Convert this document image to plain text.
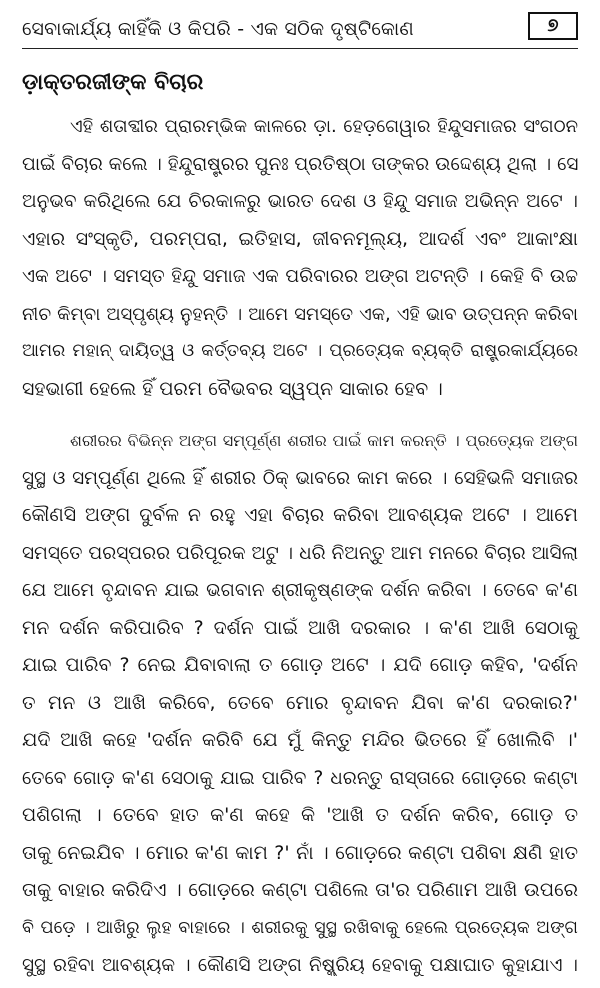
ସେବାକାର୍ଯ୍ୟ କାହିଁକି ଓ କିପରି - ଏକ ସଠିକ ଦୃଷ୍ଟିକୋଣ	୭
ଡ଼ାକ୍ତରଜୀଙ୍କ ବିଚାର
ଏହି ଶତାବ୍ଦୀର ପ୍ରାରମ୍ଭିକ କାଳରେ ଡ଼ା. ହେଡ଼ଗେୱାର ହିନ୍ଦୁସମାଜର ସଂଗଠନ
ପାଇଁ ବିଚାର କଲେ । ହିନ୍ଦୁରାଷ୍ଟ୍ରର ପୁନଃ ପ୍ରତିଷ୍ଠା ତାଙ୍କର ଉଦ୍ଦେଶ୍ୟ ଥିଲା । ସେ
ଅନୁଭବ କରିଥିଲେ ଯେ ଚିରକାଳରୁ ଭାରତ ଦେଶ ଓ ହିନ୍ଦୁ ସମାଜ ଅଭିନ୍ନ ଅଟେ ।
ଏହାର ସଂସ୍କୃତି, ପରମ୍ପରା, ଇତିହାସ, ଜୀବନମୂଲ୍ୟ, ଆଦର୍ଶ ଏବଂ ଆକାଂକ୍ଷା
ଏକ ଅଟେ । ସମସ୍ତ ହିନ୍ଦୁ ସମାଜ ଏକ ପରିବାରର ଅଙ୍ଗ ଅଟନ୍ତି । କେହି ବି ଉଚ୍ଚ
ନୀଚ କିମ୍ବା ଅସ୍ପୃଶ୍ୟ ନୁହନ୍ତି । ଆମେ ସମସ୍ତେ ଏକ, ଏହି ଭାବ ଉତ୍ପନ୍ନ କରିବା
ଆମର ମହାନ୍ ଦାୟିତ୍ୱ ଓ କର୍ତ୍ତବ୍ୟ ଅଟେ । ପ୍ରତ୍ୟେକ ବ୍ୟକ୍ତି ରାଷ୍ଟ୍ରକାର୍ଯ୍ୟରେ
ସହଭାଗୀ ହେଲେ ହିଁ ପରମ ବୈଭବର ସ୍ୱପ୍ନ ସାକାର ହେବ ।
ଶରୀରର ବିଭିନ୍ନ ଅଙ୍ଗ ସମ୍ପୂର୍ଣ୍ଣ ଶରୀର ପାଇଁ କାମ କରନ୍ତି । ପ୍ରତ୍ୟେକ ଅଙ୍ଗ
ସୁସ୍ଥ ଓ ସମ୍ପୂର୍ଣ୍ଣ ଥିଲେ ହିଁ ଶରୀର ଠିକ୍ ଭାବରେ କାମ କରେ । ସେହିଭଳି ସମାଜର
କୌଣସି ଅଙ୍ଗ ଦୁର୍ବଳ ନ ରହୁ ଏହା ବିଚାର କରିବା ଆବଶ୍ୟକ ଅଟେ । ଆମେ
ସମସ୍ତେ ପରସ୍ପରର ପରିପୂରକ ଅଟୁ । ଧରି ନିଅନ୍ତୁ ଆମ ମନରେ ବିଚାର ଆସିଲା
ଯେ ଆମେ ବୃନ୍ଦାବନ ଯାଇ ଭଗବାନ ଶ୍ରୀକୃଷ୍ଣଙ୍କ ଦର୍ଶନ କରିବା । ତେବେ କ'ଣ
ମନ ଦର୍ଶନ କରିପାରିବ ? ଦର୍ଶନ ପାଇଁ ଆଖି ଦରକାର । କ'ଣ ଆଖି ସେଠାକୁ
ଯାଇ ପାରିବ ? ନେଇ ଯିବାବାଲା ତ ଗୋଡ଼ ଅଟେ । ଯଦି ଗୋଡ଼ କହିବ, 'ଦର୍ଶନ
ତ ମନ ଓ ଆଖି କରିବେ, ତେବେ ମୋର ବୃନ୍ଦାବନ ଯିବା କ'ଣ ଦରକାର?'
ଯଦି ଆଖି କହେ 'ଦର୍ଶନ କରିବି ଯେ ମୁଁ କିନ୍ତୁ ମନ୍ଦିର ଭିତରେ ହିଁ ଖୋଲିବି ।'
ତେବେ ଗୋଡ଼ କ'ଣ ସେଠାକୁ ଯାଇ ପାରିବ ? ଧରନ୍ତୁ ରାସ୍ତାରେ ଗୋଡ଼ରେ କଣ୍ଟା
ପଶିଗଲା । ତେବେ ହାତ କ'ଣ କହେ କି 'ଆଖି ତ ଦର୍ଶନ କରିବ, ଗୋଡ଼ ତ
ତାକୁ ନେଇଯିବ । ମୋର କ'ଣ କାମ ?' ନାଁ । ଗୋଡ଼ରେ କଣ୍ଟା ପଶିବା କ୍ଷଣି ହାତ
ତାକୁ ବାହାର କରିଦିଏ । ଗୋଡ଼ରେ କଣ୍ଟା ପଶିଲେ ତା'ର ପରିଣାମ ଆଖି ଉପରେ
ବି ପଡ଼େ । ଆଖିରୁ ଲୁହ ବାହାରେ । ଶରୀରକୁ ସୁସ୍ଥ ରଖିବାକୁ ହେଲେ ପ୍ରତ୍ୟେକ ଅଙ୍ଗ
ସୁସ୍ଥ ରହିବା ଆବଶ୍ୟକ । କୌଣସି ଅଙ୍ଗ ନିଷ୍କ୍ରିୟ ହେବାକୁ ପକ୍ଷାଘାତ କୁହାଯାଏ ।
